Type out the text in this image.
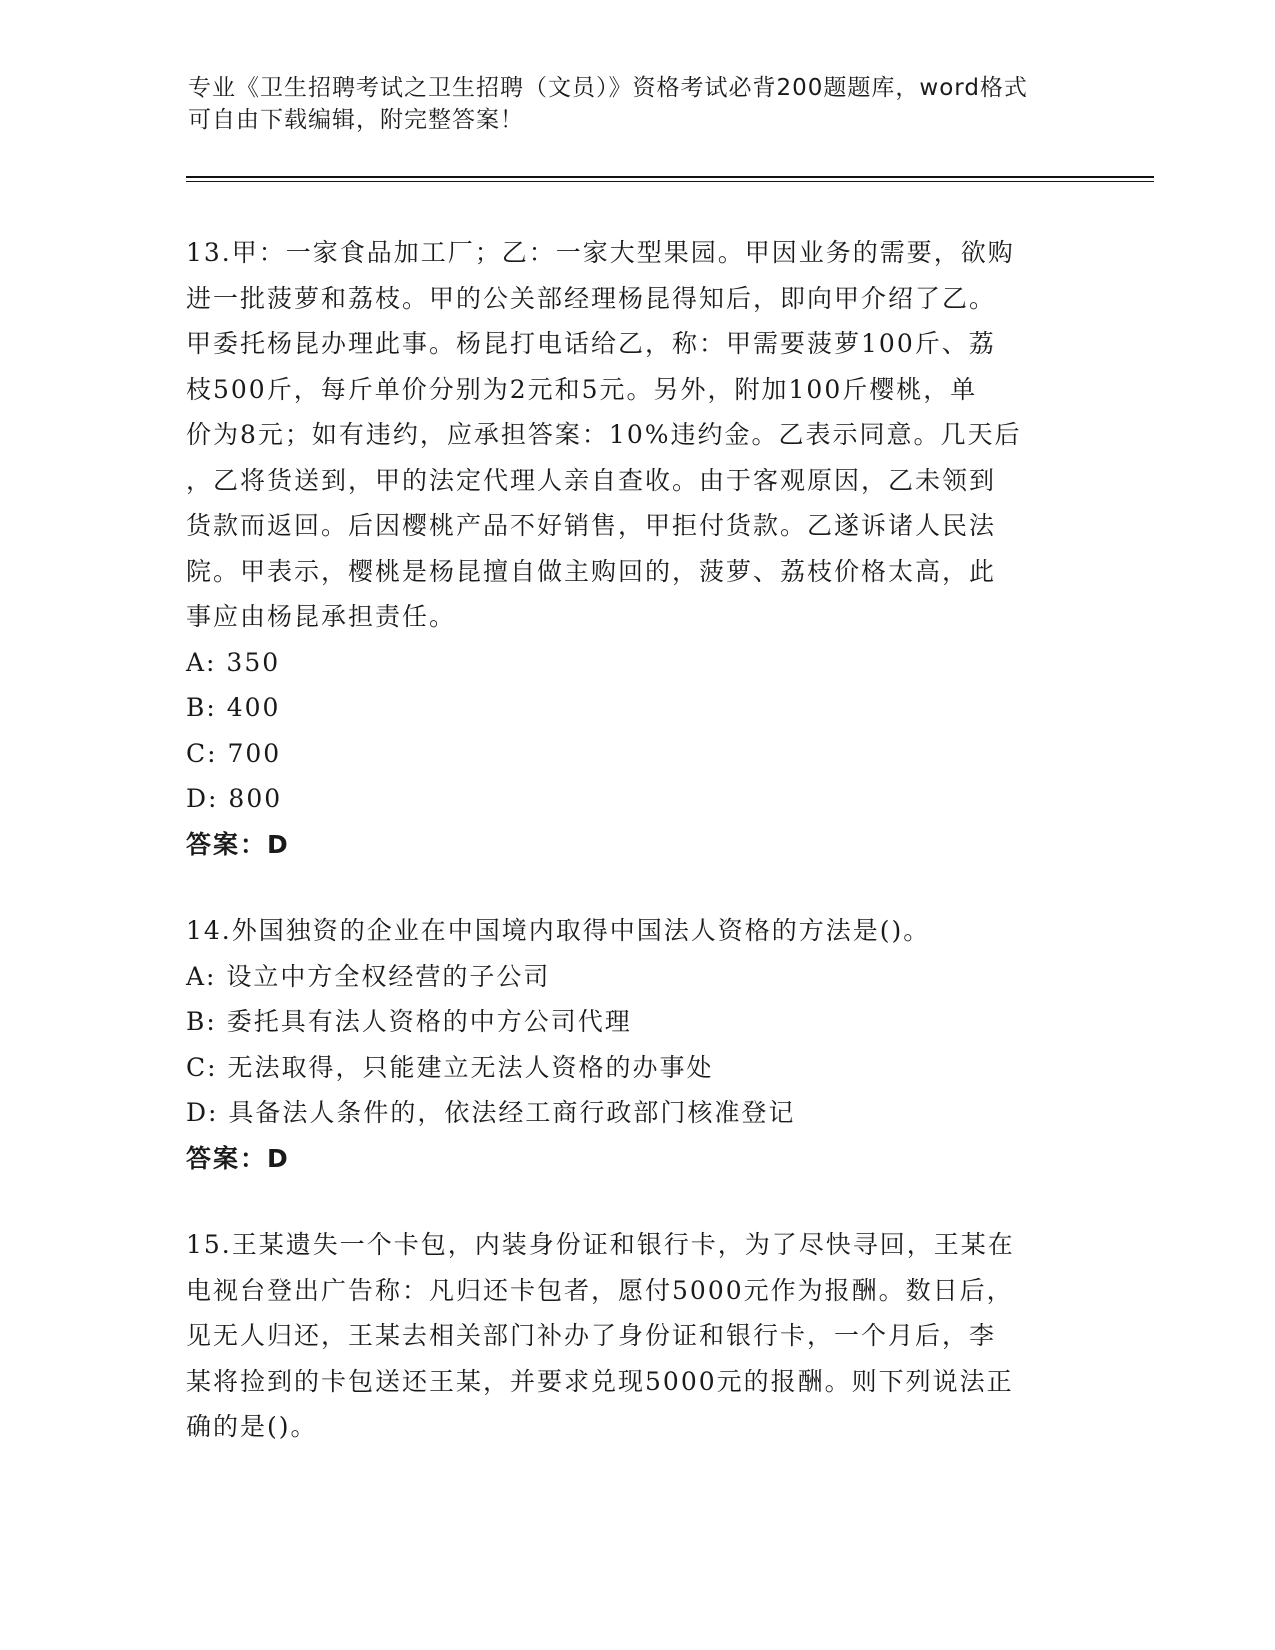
专业《卫生招聘考试之卫生招聘（文员）》资格考试必背200题题库，word格式
可自由下载编辑，附完整答案！
13.甲：一家食品加工厂；乙：一家大型果园。甲因业务的需要，欲购
进一批菠萝和荔枝。甲的公关部经理杨昆得知后，即向甲介绍了乙。
甲委托杨昆办理此事。杨昆打电话给乙，称：甲需要菠萝100斤、荔
枝500斤，每斤单价分别为2元和5元。另外，附加100斤樱桃，单
价为8元；如有违约，应承担答案：10%违约金。乙表示同意。几天后
，乙将货送到，甲的法定代理人亲自查收。由于客观原因，乙未领到
货款而返回。后因樱桃产品不好销售，甲拒付货款。乙遂诉诸人民法
院。甲表示，樱桃是杨昆擅自做主购回的，菠萝、荔枝价格太高，此
事应由杨昆承担责任。
A: 350
B: 400
C: 700
D: 800
答案：D
14.外国独资的企业在中国境内取得中国法人资格的方法是()。
A: 设立中方全权经营的子公司
B: 委托具有法人资格的中方公司代理
C: 无法取得，只能建立无法人资格的办事处
D: 具备法人条件的，依法经工商行政部门核准登记
答案：D
15.王某遗失一个卡包，内装身份证和银行卡，为了尽快寻回，王某在
电视台登出广告称：凡归还卡包者，愿付5000元作为报酬。数日后，
见无人归还，王某去相关部门补办了身份证和银行卡，一个月后，李
某将捡到的卡包送还王某，并要求兑现5000元的报酬。则下列说法正
确的是()。
